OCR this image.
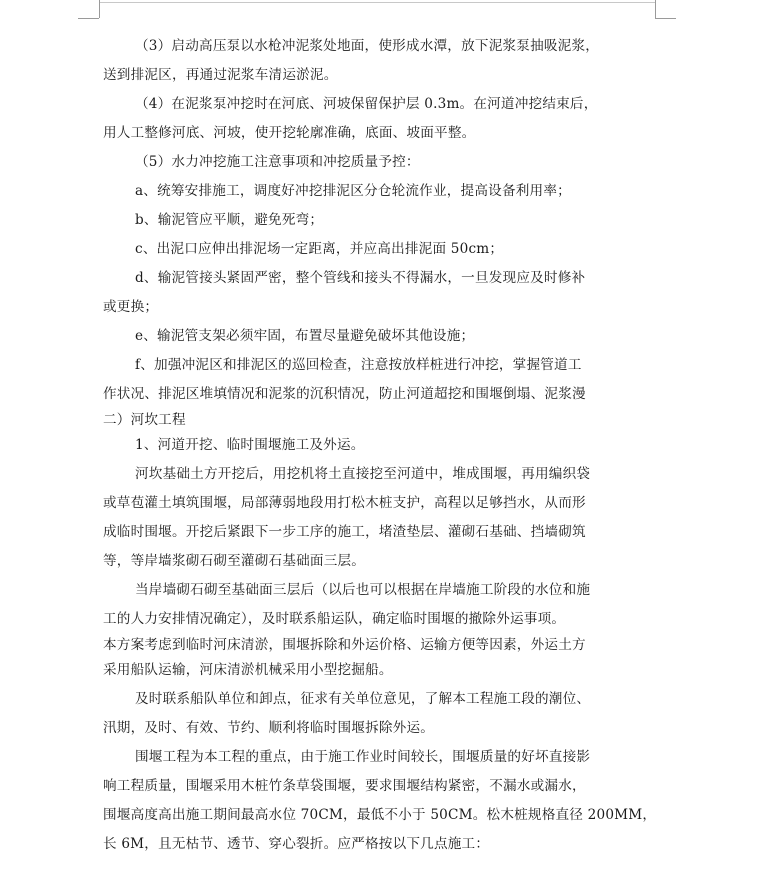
（3）启动高压泵以水枪冲泥浆处地面，使形成水潭，放下泥浆泵抽吸泥浆，
送到排泥区，再通过泥浆车清运淤泥。
（4）在泥浆泵冲挖时在河底、河坡保留保护层 0.3m。在河道冲挖结束后，
用人工整修河底、河坡，使开挖轮廓准确，底面、坡面平整。
（5）水力冲挖施工注意事项和冲挖质量予控：
a、统筹安排施工，调度好冲挖排泥区分仓轮流作业，提高设备利用率；
b、输泥管应平顺，避免死弯；
c、出泥口应伸出排泥场一定距离，并应高出排泥面 50cm；
d、输泥管接头紧固严密，整个管线和接头不得漏水，一旦发现应及时修补
或更换；
e、输泥管支架必须牢固，布置尽量避免破坏其他设施；
f、加强冲泥区和排泥区的巡回检查，注意按放样桩进行冲挖，掌握管道工
作状况、排泥区堆填情况和泥浆的沉积情况，防止河道超挖和围堰倒塌、泥浆漫
二）河坎工程
1、河道开挖、临时围堰施工及外运。
河坎基础土方开挖后，用挖机将土直接挖至河道中，堆成围堰，再用编织袋
或草苞灌土填筑围堰，局部薄弱地段用打松木桩支护，高程以足够挡水，从而形
成临时围堰。开挖后紧跟下一步工序的施工，堵渣垫层、灌砌石基础、挡墙砌筑
等，等岸墙浆砌石砌至灌砌石基础面三层。
当岸墙砌石砌至基础面三层后（以后也可以根据在岸墙施工阶段的水位和施
工的人力安排情况确定），及时联系船运队，确定临时围堰的撤除外运事项。
本方案考虑到临时河床清淤，围堰拆除和外运价格、运输方便等因素，外运土方
采用船队运输，河床清淤机械采用小型挖掘船。
及时联系船队单位和卸点，征求有关单位意见，了解本工程施工段的潮位、
汛期，及时、有效、节约、顺利将临时围堰拆除外运。
围堰工程为本工程的重点，由于施工作业时间较长，围堰质量的好坏直接影
响工程质量，围堰采用木桩竹条草袋围堰，要求围堰结构紧密，不漏水或漏水，
围堰高度高出施工期间最高水位 70CM，最低不小于 50CM。松木桩规格直径 200MM，
长 6M，且无枯节、透节、穿心裂折。应严格按以下几点施工：
